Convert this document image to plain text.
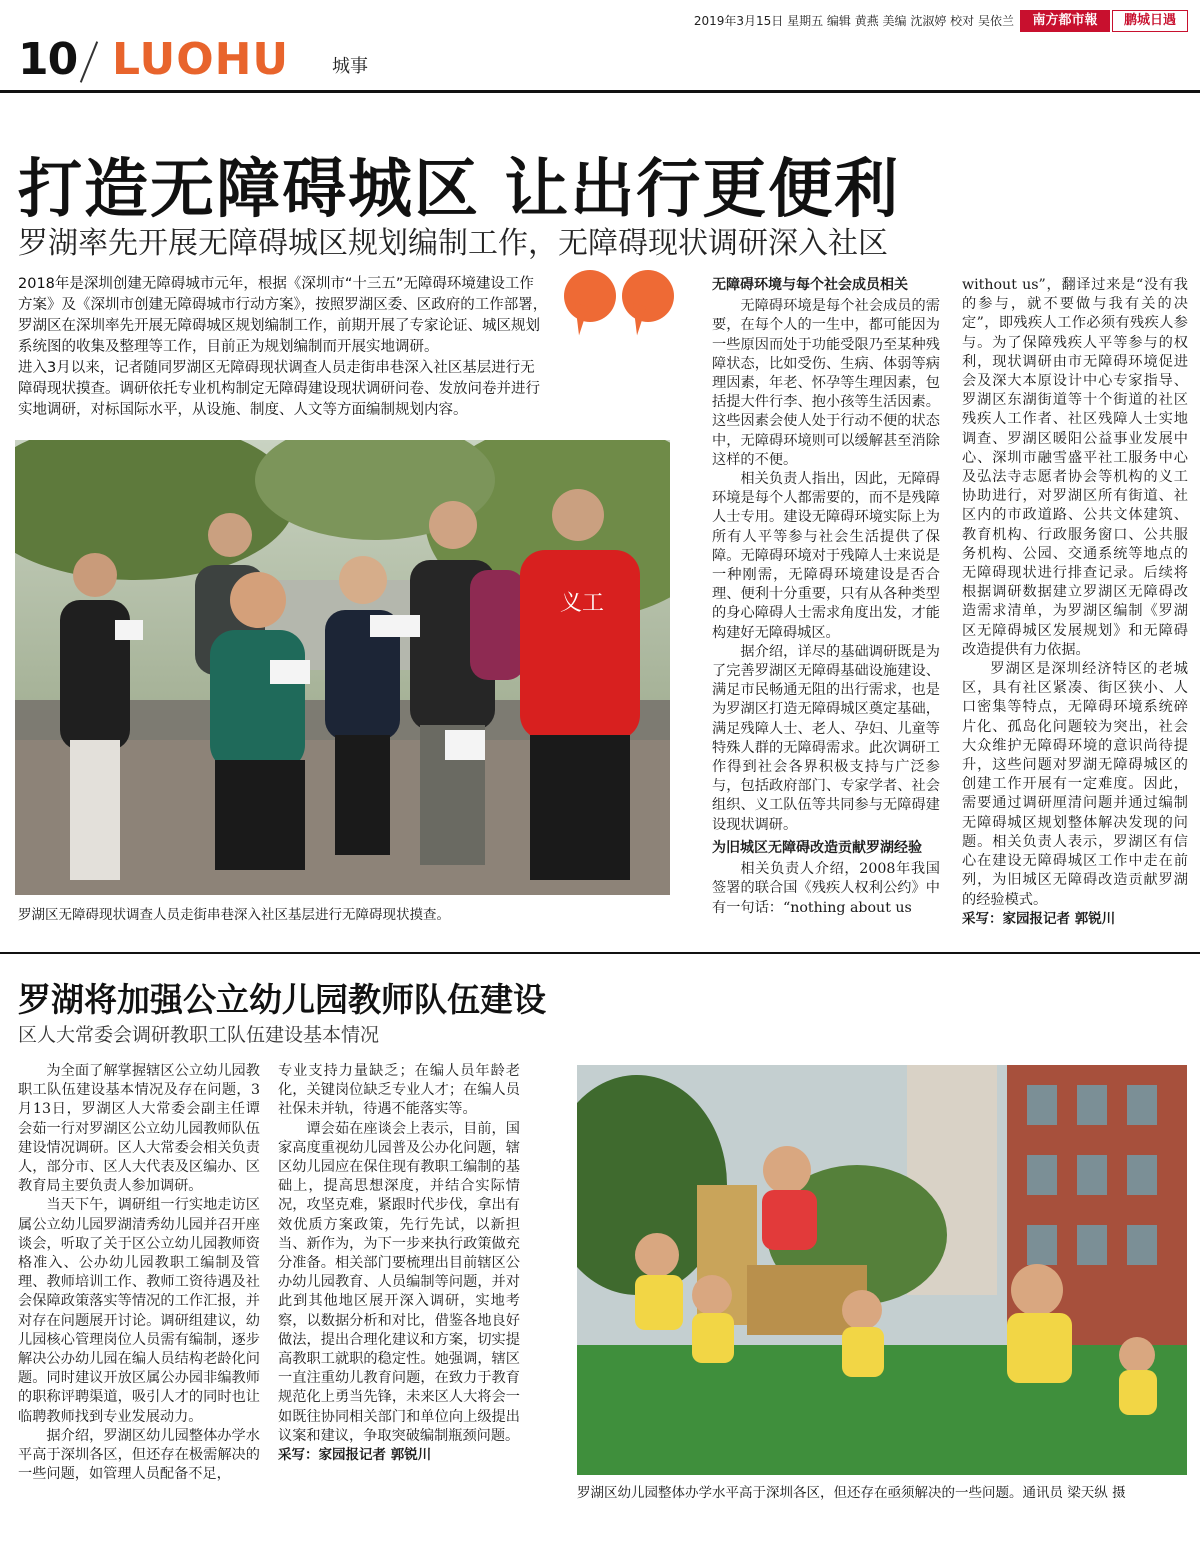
2019年3月15日 星期五 编辑 黄燕 美编 沈淑婷 校对 吴依兰	南方都市報	鹏城日遇
10 LUOHU 城事
打造无障碍城区 让出行更便利
罗湖率先开展无障碍城区规划编制工作，无障碍现状调研深入社区

2018年是深圳创建无障碍城市元年，根据《深圳市“十三五”无障碍环境建设工作方案》及《深圳市创建无障碍城市行动方案》，按照罗湖区委、区政府的工作部署，罗湖区在深圳率先开展无障碍城区规划编制工作，前期开展了专家论证、城区规划系统图的收集及整理等工作，目前正为规划编制而开展实地调研。

进入3月以来，记者随同罗湖区无障碍现状调查人员走街串巷深入社区基层进行无障碍现状摸查。调研依托专业机构制定无障碍建设现状调研问卷、发放问卷并进行实地调研，对标国际水平，从设施、制度、人文等方面编制规划内容。

义工
罗湖区无障碍现状调查人员走街串巷深入社区基层进行无障碍现状摸查。
无障碍环境与每个社会成员相关

无障碍环境是每个社会成员的需要，在每个人的一生中，都可能因为一些原因而处于功能受限乃至某种残障状态，比如受伤、生病、体弱等病理因素，年老、怀孕等生理因素，包括提大件行李、抱小孩等生活因素。这些因素会使人处于行动不便的状态中，无障碍环境则可以缓解甚至消除这样的不便。

相关负责人指出，因此，无障碍环境是每个人都需要的，而不是残障人士专用。建设无障碍环境实际上为所有人平等参与社会生活提供了保障。无障碍环境对于残障人士来说是一种刚需，无障碍环境建设是否合理、便利十分重要，只有从各种类型的身心障碍人士需求角度出发，才能构建好无障碍城区。

据介绍，详尽的基础调研既是为了完善罗湖区无障碍基础设施建设、满足市民畅通无阻的出行需求，也是为罗湖区打造无障碍城区奠定基础，满足残障人士、老人、孕妇、儿童等特殊人群的无障碍需求。此次调研工作得到社会各界积极支持与广泛参与，包括政府部门、专家学者、社会组织、义工队伍等共同参与无障碍建设现状调研。

为旧城区无障碍改造贡献罗湖经验

相关负责人介绍，2008年我国签署的联合国《残疾人权利公约》中有一句话：“nothing about us

without us”，翻译过来是“没有我的参与，就不要做与我有关的决定”，即残疾人工作必须有残疾人参与。为了保障残疾人平等参与的权利，现状调研由市无障碍环境促进会及深大本原设计中心专家指导、罗湖区东湖街道等十个街道的社区残疾人工作者、社区残障人士实地调查、罗湖区暖阳公益事业发展中心、深圳市融雪盛平社工服务中心及弘法寺志愿者协会等机构的义工协助进行，对罗湖区所有街道、社区内的市政道路、公共文体建筑、教育机构、行政服务窗口、公共服务机构、公园、交通系统等地点的无障碍现状进行排查记录。后续将根据调研数据建立罗湖区无障碍改造需求清单，为罗湖区编制《罗湖区无障碍城区发展规划》和无障碍改造提供有力依据。

罗湖区是深圳经济特区的老城区，具有社区紧凑、街区狭小、人口密集等特点，无障碍环境系统碎片化、孤岛化问题较为突出，社会大众维护无障碍环境的意识尚待提升，这些问题对罗湖无障碍城区的创建工作开展有一定难度。因此，需要通过调研厘清问题并通过编制无障碍城区规划整体解决发现的问题。相关负责人表示，罗湖区有信心在建设无障碍城区工作中走在前列，为旧城区无障碍改造贡献罗湖的经验模式。

采写：家园报记者 郭锐川

罗湖将加强公立幼儿园教师队伍建设
区人大常委会调研教职工队伍建设基本情况

为全面了解掌握辖区公立幼儿园教职工队伍建设基本情况及存在问题，3月13日，罗湖区人大常委会副主任谭会茹一行对罗湖区公立幼儿园教师队伍建设情况调研。区人大常委会相关负责人，部分市、区人大代表及区编办、区教育局主要负责人参加调研。

当天下午，调研组一行实地走访区属公立幼儿园罗湖清秀幼儿园并召开座谈会，听取了关于区公立幼儿园教师资格准入、公办幼儿园教职工编制及管理、教师培训工作、教师工资待遇及社会保障政策落实等情况的工作汇报，并对存在问题展开讨论。调研组建议，幼儿园核心管理岗位人员需有编制，逐步解决公办幼儿园在编人员结构老龄化问题。同时建议开放区属公办园非编教师的职称评聘渠道，吸引人才的同时也让临聘教师找到专业发展动力。

据介绍，罗湖区幼儿园整体办学水平高于深圳各区，但还存在极需解决的一些问题，如管理人员配备不足，

专业支持力量缺乏；在编人员年龄老化，关键岗位缺乏专业人才；在编人员社保未并轨，待遇不能落实等。

谭会茹在座谈会上表示，目前，国家高度重视幼儿园普及公办化问题，辖区幼儿园应在保住现有教职工编制的基础上，提高思想深度，并结合实际情况，攻坚克难，紧跟时代步伐，拿出有效优质方案政策，先行先试，以新担当、新作为，为下一步来执行政策做充分准备。相关部门要梳理出目前辖区公办幼儿园教育、人员编制等问题，并对此到其他地区展开深入调研，实地考察，以数据分析和对比，借鉴各地良好做法，提出合理化建议和方案，切实提高教职工就职的稳定性。她强调，辖区一直注重幼儿教育问题，在致力于教育规范化上勇当先锋，未来区人大将会一如既往协同相关部门和单位向上级提出议案和建议，争取突破编制瓶颈问题。

采写：家园报记者 郭锐川

罗湖区幼儿园整体办学水平高于深圳各区，但还存在亟须解决的一些问题。通讯员 梁天纵 摄
